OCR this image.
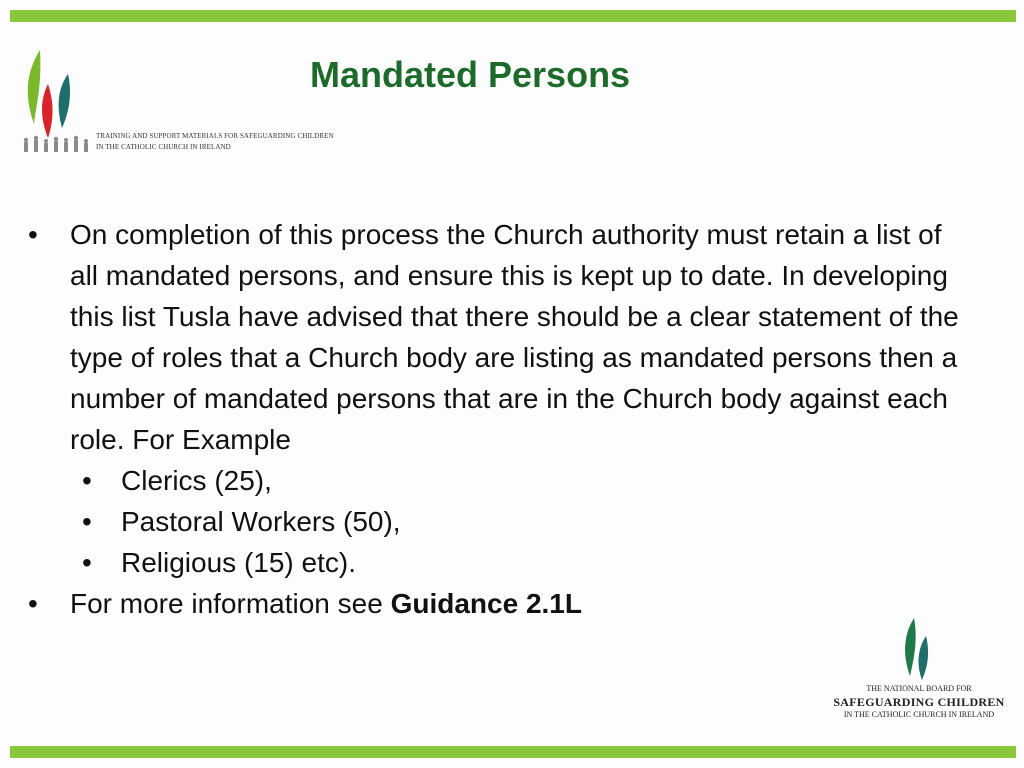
TRAINING AND SUPPORT MATERIALS FOR SAFEGUARDING CHILDREN
IN THE CATHOLIC CHURCH IN IRELAND
Mandated Persons
• On completion of this process the Church authority must retain a list of all mandated persons, and ensure this is kept up to date. In developing this list Tusla have advised that there should be a clear statement of the type of roles that a Church body are listing as mandated persons then a number of mandated persons that are in the Church body against each role. For Example
• Clerics (25),
• Pastoral Workers (50),
• Religious (15) etc).
• For more information see Guidance 2.1L
THE NATIONAL BOARD FOR
SAFEGUARDING CHILDREN
IN THE CATHOLIC CHURCH IN IRELAND
